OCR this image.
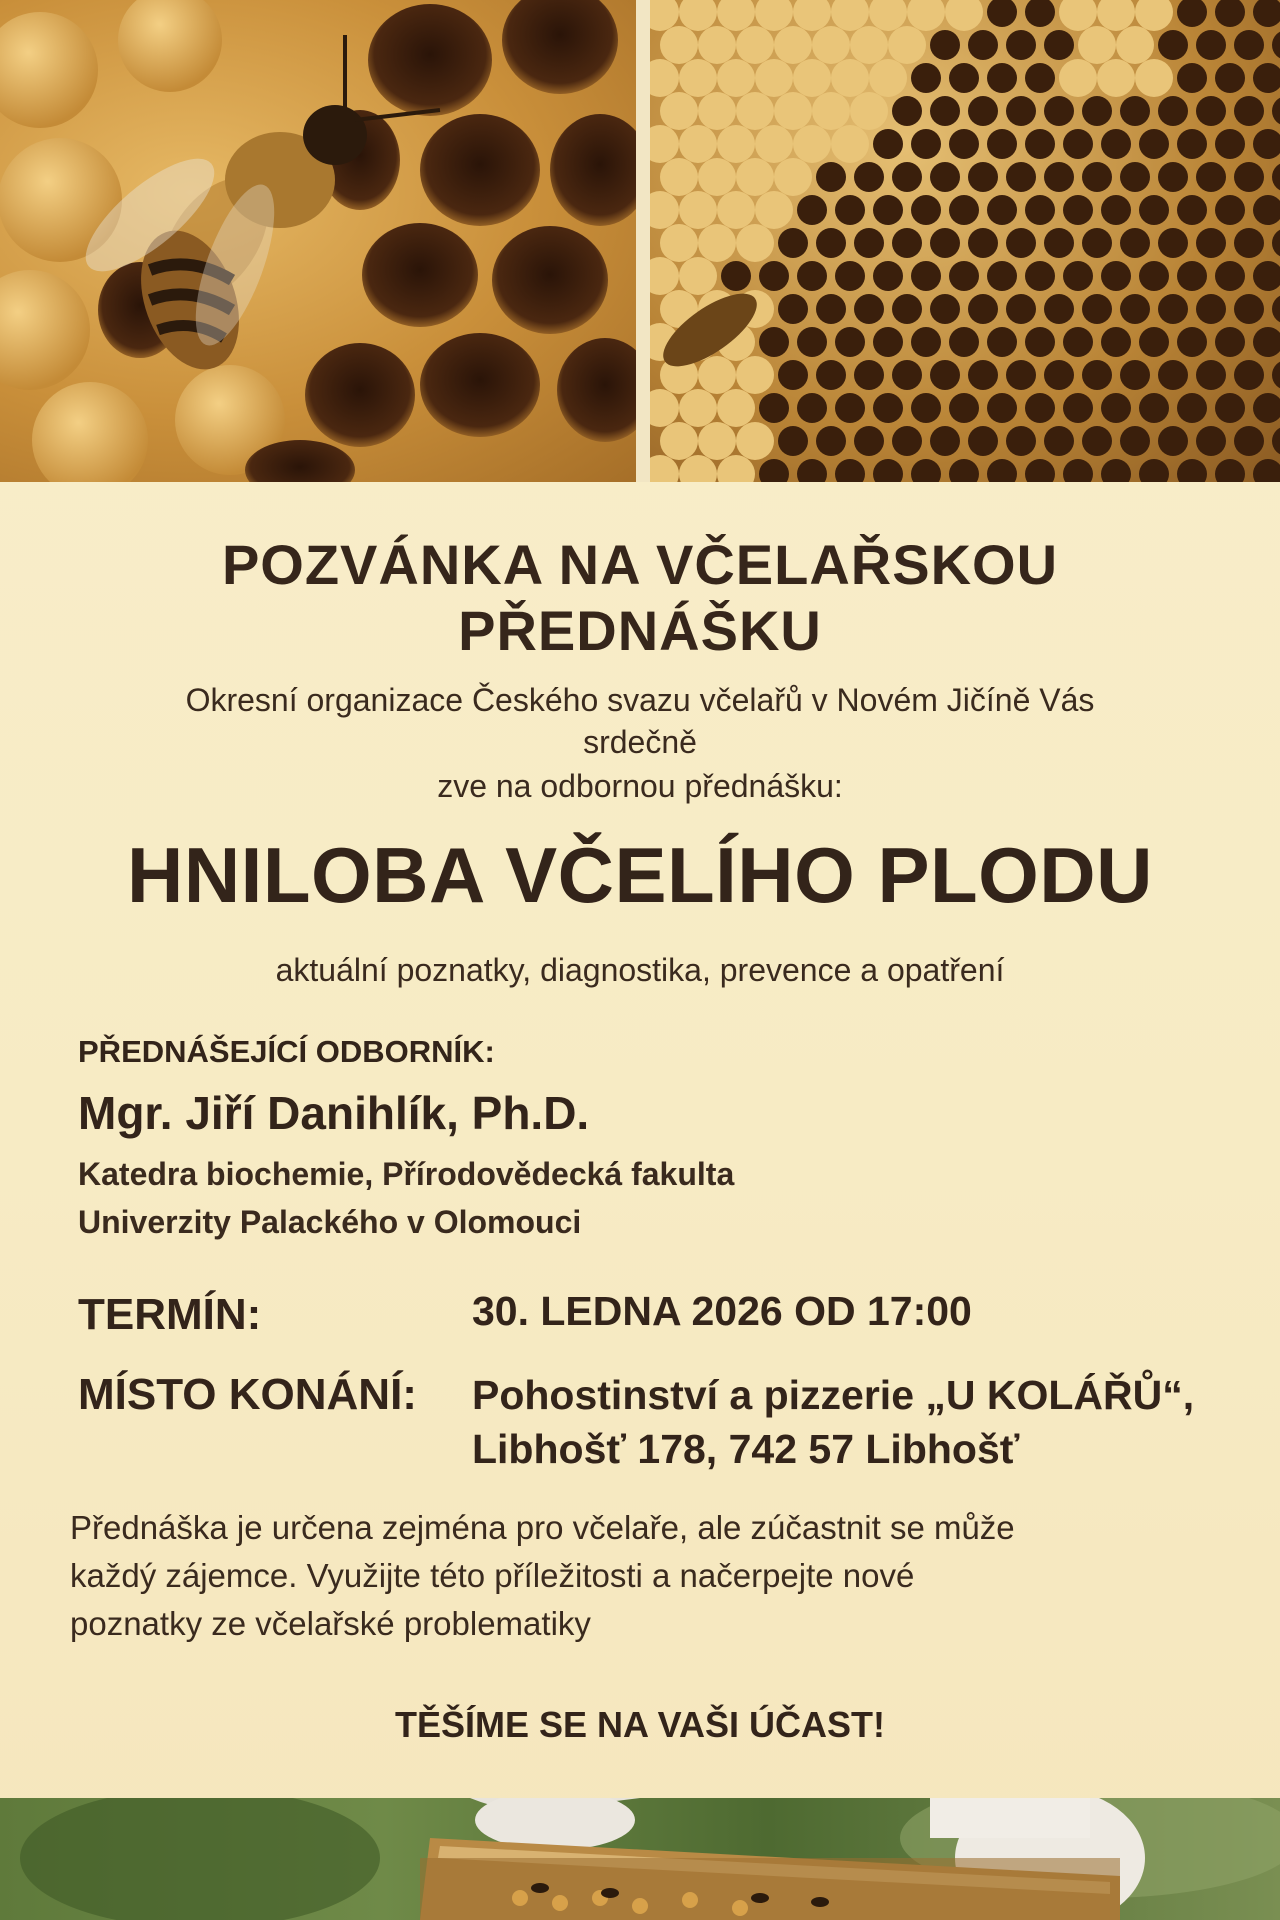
POZVÁNKA NA VČELAŘSKOU
PŘEDNÁŠKU
Okresní organizace Českého svazu včelařů v Novém Jičíně Vás
srdečně
zve na odbornou přednášku:
HNILOBA VČELÍHO PLODU
aktuální poznatky, diagnostika, prevence a opatření
PŘEDNÁŠEJÍCÍ ODBORNÍK:
Mgr. Jiří Danihlík, Ph.D.
Katedra biochemie, Přírodovědecká fakulta
Univerzity Palackého v Olomouci
TERMÍN:	30. LEDNA 2026 OD 17:00
MÍSTO KONÁNÍ: Pohostinství a pizzerie „U KOLÁŘŮ“,
Libhošť 178, 742 57 Libhošť
Přednáška je určena zejména pro včelaře, ale zúčastnit se může
každý zájemce. Využijte této příležitosti a načerpejte nové
poznatky ze včelařské problematiky
TĚŠÍME SE NA VAŠI ÚČAST!
